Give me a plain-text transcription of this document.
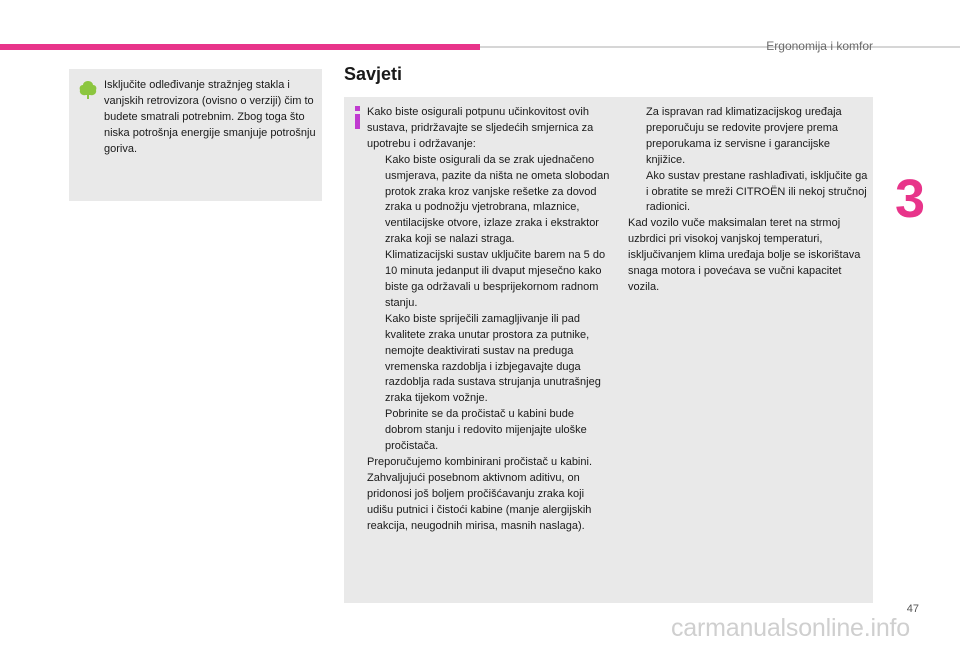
Ergonomija i komfor
3
Isključite odleđivanje stražnjeg stakla i vanjskih retrovizora (ovisno o verziji) čim to budete smatrali potrebnim. Zbog toga što niska potrošnja energije smanjuje potrošnju goriva.
Savjeti

Kako biste osigurali potpunu učinkovitost ovih sustava, pridržavajte se sljedećih smjernica za upotrebu i održavanje:

Kako biste osigurali da se zrak ujednačeno usmjerava, pazite da ništa ne ometa slobodan protok zraka kroz vanjske rešetke za dovod zraka u podnožju vjetrobrana, mlaznice, ventilacijske otvore, izlaze zraka i ekstraktor zraka koji se nalazi straga.

Klimatizacijski sustav uključite barem na 5 do 10 minuta jedanput ili dvaput mjesečno kako biste ga održavali u besprijekornom radnom stanju.

Kako biste spriječili zamagljivanje ili pad kvalitete zraka unutar prostora za putnike, nemojte deaktivirati sustav na preduga vremenska razdoblja i izbjegavajte duga razdoblja rada sustava strujanja unutrašnjeg zraka tijekom vožnje.

Pobrinite se da pročistač u kabini bude dobrom stanju i redovito mijenjajte uloške pročistača.

Preporučujemo kombinirani pročistač u kabini. Zahvaljujući posebnom aktivnom aditivu, on pridonosi još boljem pročišćavanju zraka koji udišu putnici i čistoći kabine (manje alergijskih reakcija, neugodnih mirisa, masnih naslaga).

Za ispravan rad klimatizacijskog uređaja preporučuju se redovite provjere prema preporukama iz servisne i garancijske knjižice.

Ako sustav prestane rashlađivati, isključite ga i obratite se mreži CITROËN ili nekoj stručnoj radionici.

Kad vozilo vuče maksimalan teret na strmoj uzbrdici pri visokoj vanjskoj temperaturi, isključivanjem klima uređaja bolje se iskorištava snaga motora i povećava se vučni kapacitet vozila.

47
carmanualsonline.info
